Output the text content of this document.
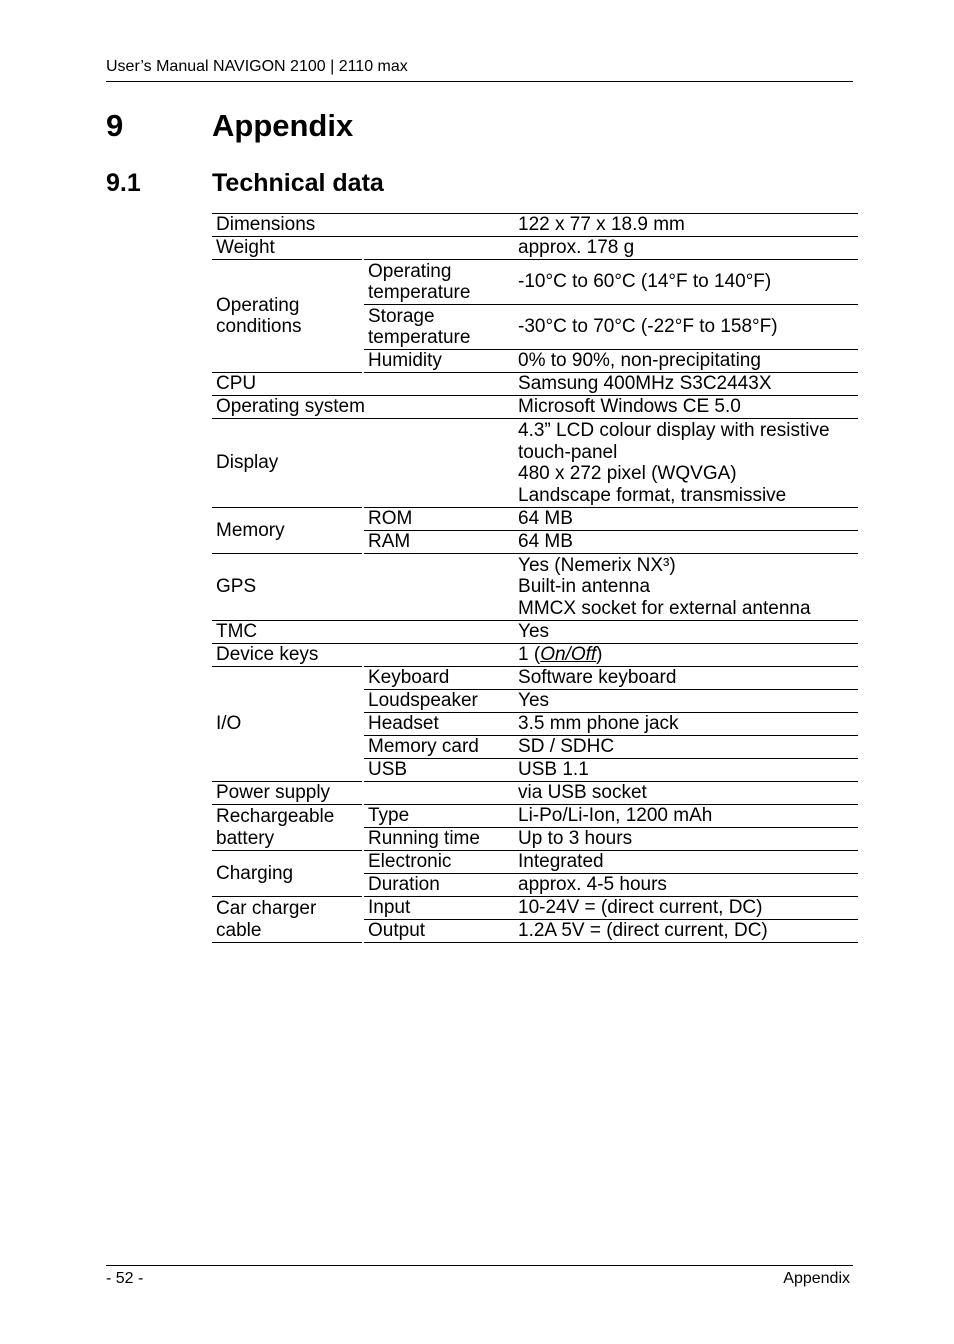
User’s Manual NAVIGON 2100 | 2110 max
9	Appendix
9.1	Technical data
Dimensions		122 x 77 x 18.9 mm
Weight		approx. 178 g
Operating conditions	Operating temperature	-10°C to 60°C (14°F to 140°F)
	Storage temperature	-30°C to 70°C (-22°F to 158°F)
	Humidity	0% to 90%, non-precipitating
CPU		Samsung 400MHz S3C2443X
Operating system		Microsoft Windows CE 5.0
Display		4.3” LCD colour display with resistive touch-panel
480 x 272 pixel (WQVGA)
Landscape format, transmissive

Memory	ROM	64 MB
	RAM	64 MB
GPS		Yes (Nemerix NX³)
Built-in antenna
MMCX socket for external antenna

TMC		Yes
Device keys		1 (On/Off)
I/O	Keyboard	Software keyboard
	Loudspeaker	Yes
	Headset	3.5 mm phone jack
	Memory card	SD / SDHC
	USB	USB 1.1
Power supply		via USB socket
Rechargeable battery	Type	Li-Po/Li-Ion, 1200 mAh
	Running time	Up to 3 hours
Charging	Electronic	Integrated
	Duration	approx. 4-5 hours
Car charger cable	Input	10-24V = (direct current, DC)
	Output	1.2A 5V = (direct current, DC)
- 52 -	Appendix
